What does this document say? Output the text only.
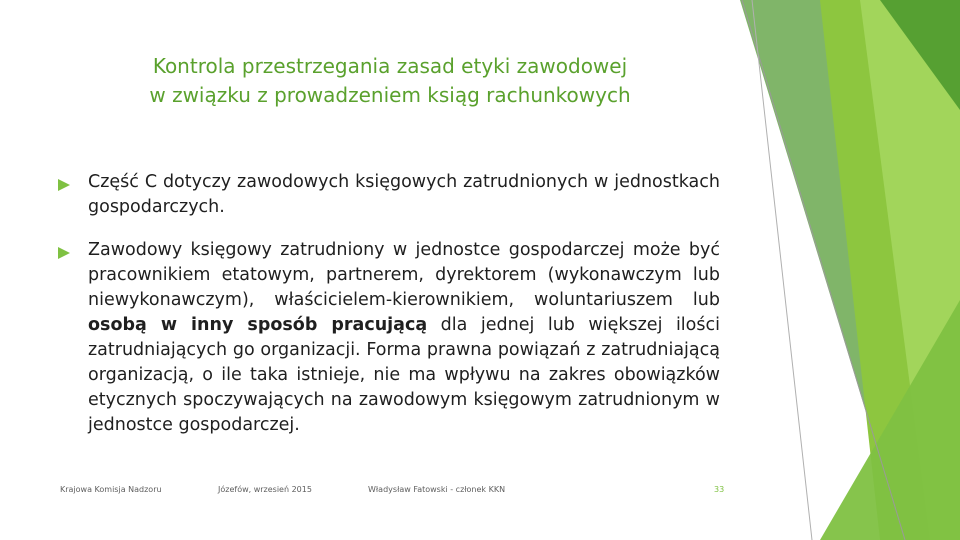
Kontrola przestrzegania zasad etyki zawodowej
w związku z prowadzeniem ksiąg rachunkowych
Część C dotyczy zawodowych księgowych zatrudnionych w jednostkach gospodarczych.
Zawodowy księgowy zatrudniony w jednostce gospodarczej może być pracownikiem etatowym, partnerem, dyrektorem (wykonawczym lub niewykonawczym), właścicielem-kierownikiem, woluntariuszem lub osobą w inny sposób pracującą dla jednej lub większej ilości zatrudniających go organizacji. Forma prawna powiązań z zatrudniającą organizacją, o ile taka istnieje, nie ma wpływu na zakres obowiązków etycznych spoczywających na zawodowym księgowym zatrudnionym w jednostce gospodarczej.
Krajowa Komisja Nadzoru	Józefów, wrzesień 2015	Władysław Fatowski - członek KKN	33
